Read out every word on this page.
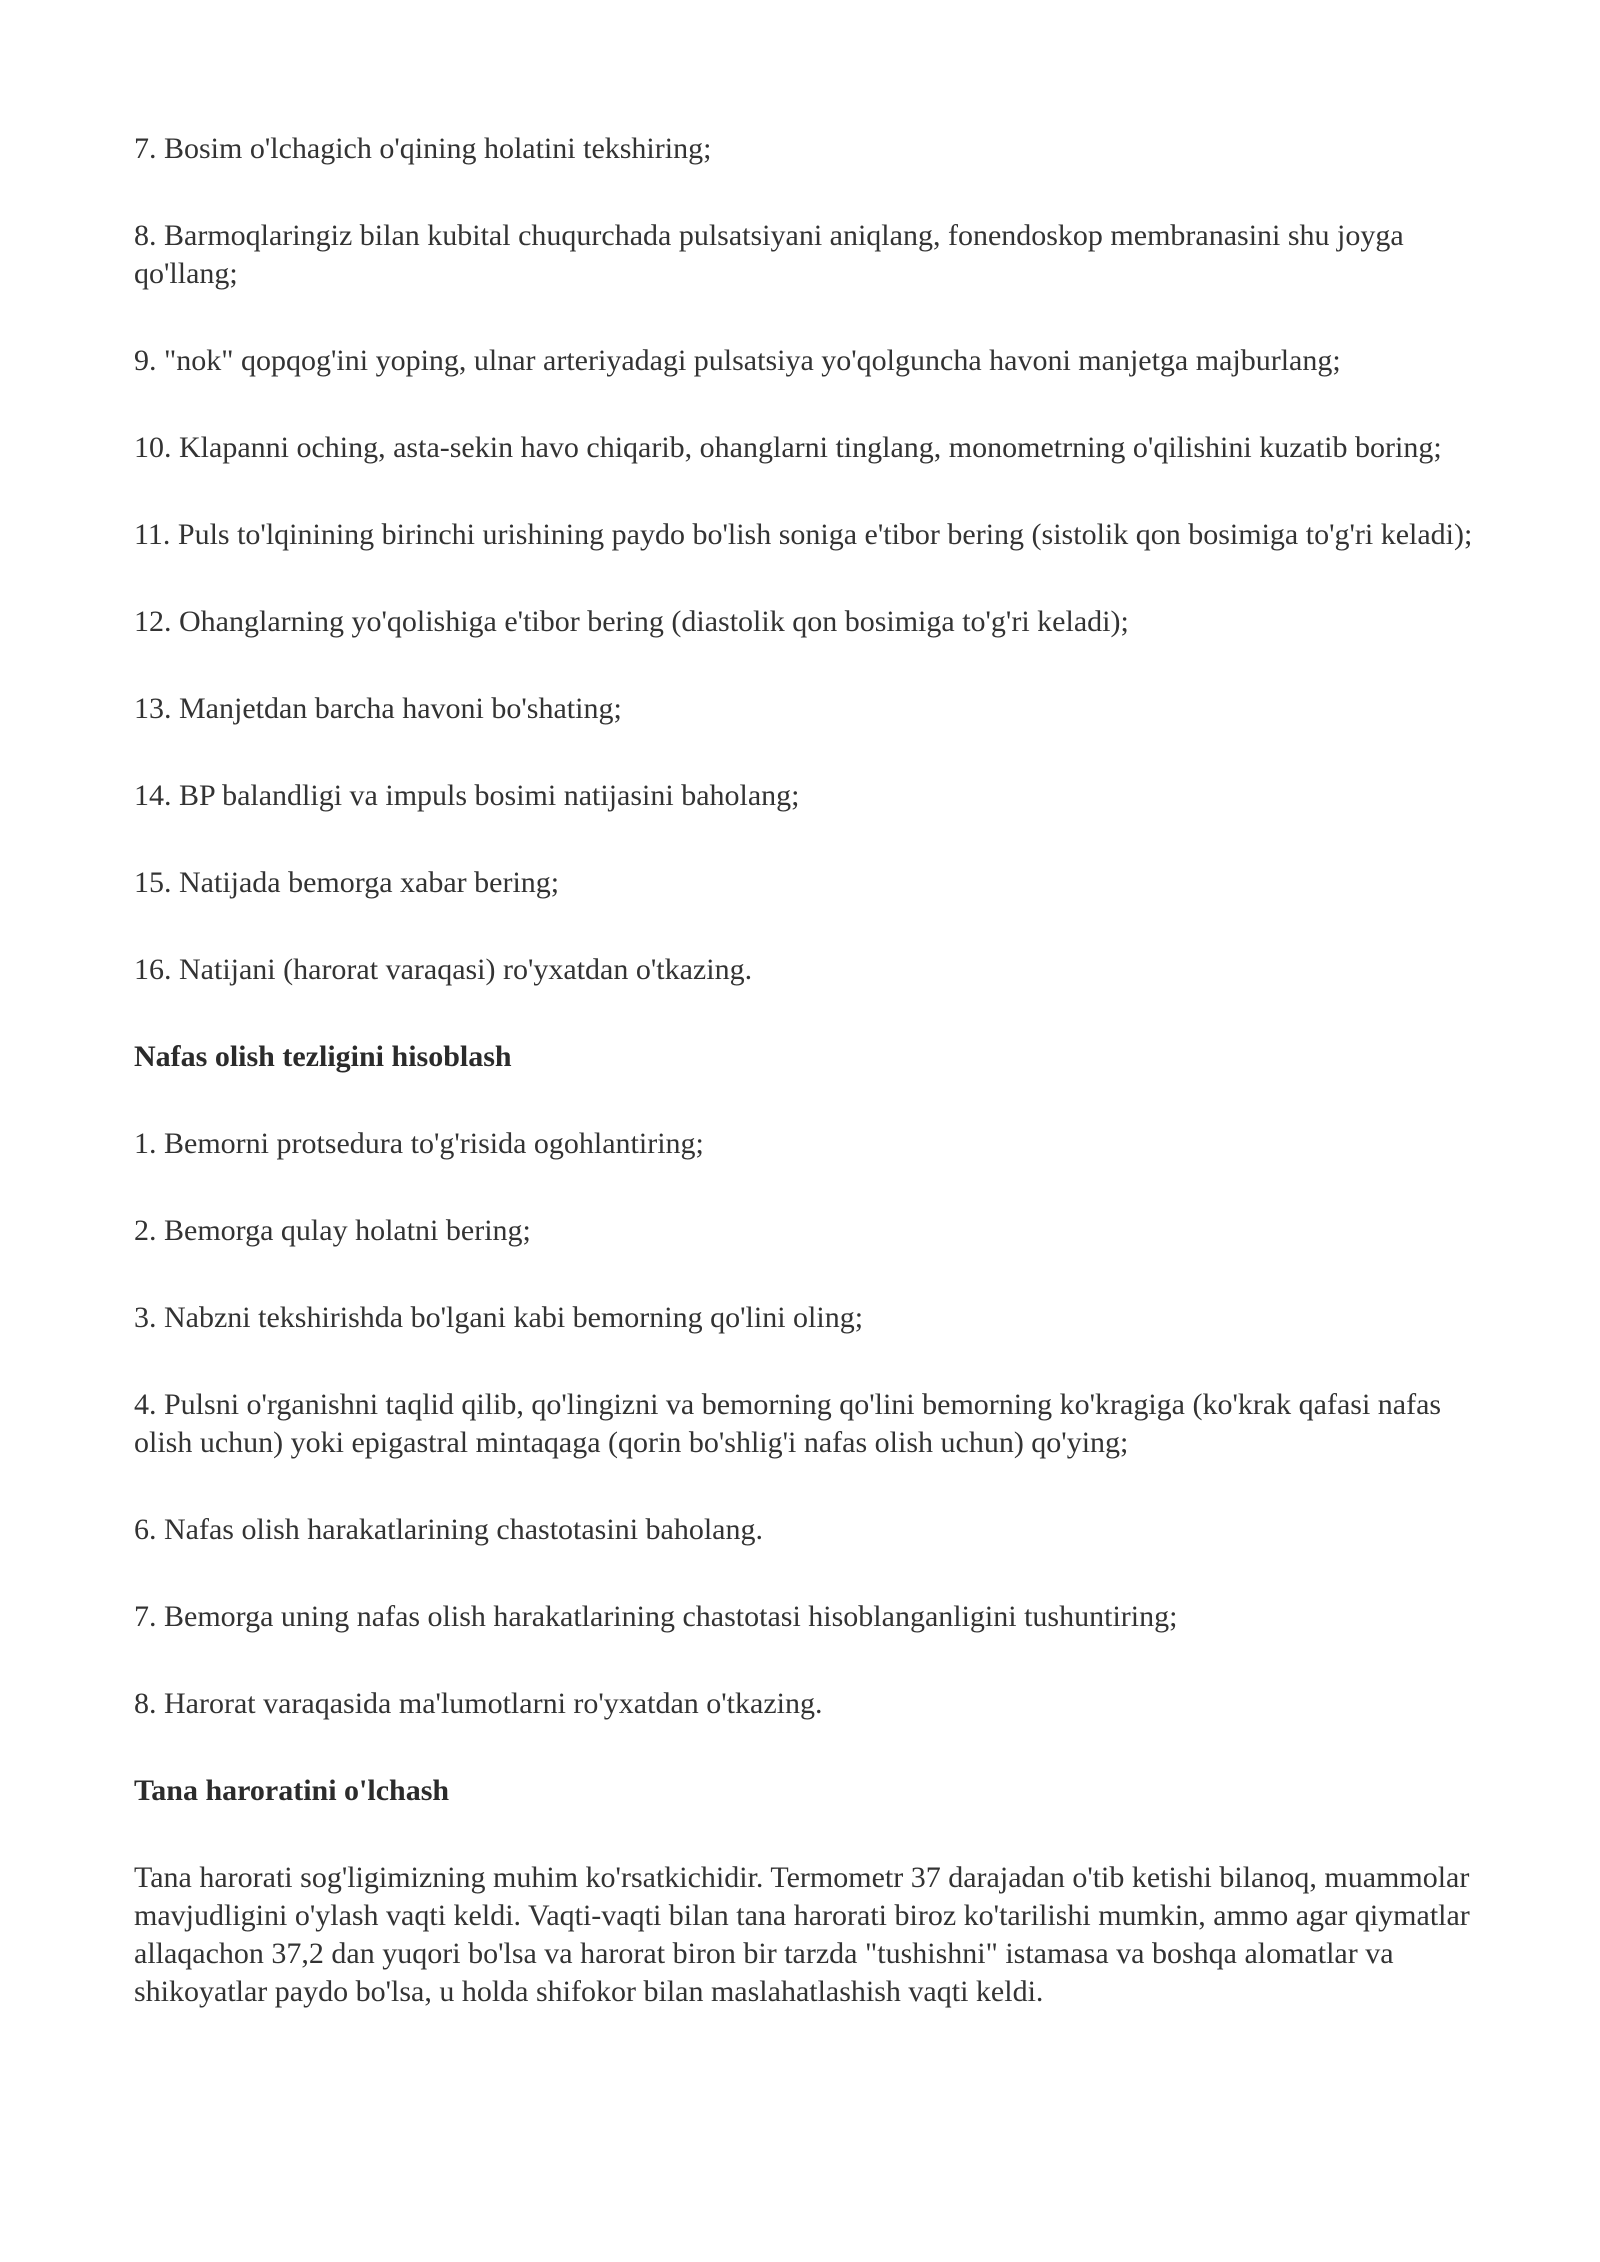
7. Bosim o'lchagich o'qining holatini tekshiring;

8. Barmoqlaringiz bilan kubital chuqurchada pulsatsiyani aniqlang, fonendoskop membranasini shu joyga qo'llang;

9. "nok" qopqog'ini yoping, ulnar arteriyadagi pulsatsiya yo'qolguncha havoni manjetga majburlang;

10. Klapanni oching, asta-sekin havo chiqarib, ohanglarni tinglang, monometrning o'qilishini kuzatib boring;

11. Puls to'lqinining birinchi urishining paydo bo'lish soniga e'tibor bering (sistolik qon bosimiga to'g'ri keladi);

12. Ohanglarning yo'qolishiga e'tibor bering (diastolik qon bosimiga to'g'ri keladi);

13. Manjetdan barcha havoni bo'shating;

14. BP balandligi va impuls bosimi natijasini baholang;

15. Natijada bemorga xabar bering;

16. Natijani (harorat varaqasi) ro'yxatdan o'tkazing.

Nafas olish tezligini hisoblash

1. Bemorni protsedura to'g'risida ogohlantiring;

2. Bemorga qulay holatni bering;

3. Nabzni tekshirishda bo'lgani kabi bemorning qo'lini oling;

4. Pulsni o'rganishni taqlid qilib, qo'lingizni va bemorning qo'lini bemorning ko'kragiga (ko'krak qafasi nafas olish uchun) yoki epigastral mintaqaga (qorin bo'shlig'i nafas olish uchun) qo'ying;

6. Nafas olish harakatlarining chastotasini baholang.

7. Bemorga uning nafas olish harakatlarining chastotasi hisoblanganligini tushuntiring;

8. Harorat varaqasida ma'lumotlarni ro'yxatdan o'tkazing.

Tana haroratini o'lchash

Tana harorati sog'ligimizning muhim ko'rsatkichidir. Termometr 37 darajadan o'tib ketishi bilanoq, muammolar mavjudligini o'ylash vaqti keldi. Vaqti-vaqti bilan tana harorati biroz ko'tarilishi mumkin, ammo agar qiymatlar allaqachon 37,2 dan yuqori bo'lsa va harorat biron bir tarzda "tushishni" istamasa va boshqa alomatlar va shikoyatlar paydo bo'lsa, u holda shifokor bilan maslahatlashish vaqti keldi.
